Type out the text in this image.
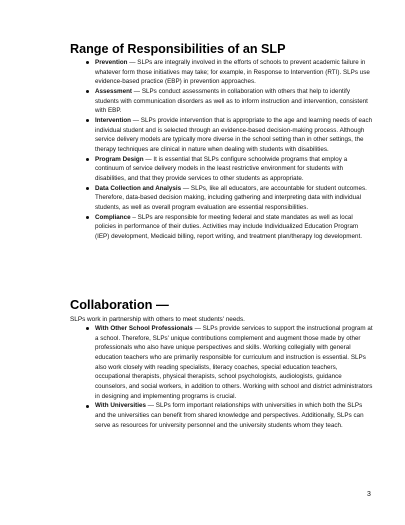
Range of Responsibilities of an SLP
Prevention — SLPs are integrally involved in the efforts of schools to prevent academic failure in whatever form those initiatives may take; for example, in Response to Intervention (RTI). SLPs use evidence-based practice (EBP) in prevention approaches.
Assessment — SLPs conduct assessments in collaboration with others that help to identify students with communication disorders as well as to inform instruction and intervention, consistent with EBP.
Intervention — SLPs provide intervention that is appropriate to the age and learning needs of each individual student and is selected through an evidence-based decision-making process. Although service delivery models are typically more diverse in the school setting than in other settings, the therapy techniques are clinical in nature when dealing with students with disabilities.
Program Design — It is essential that SLPs configure schoolwide programs that employ a continuum of service delivery models in the least restrictive environment for students with disabilities, and that they provide services to other students as appropriate.
Data Collection and Analysis — SLPs, like all educators, are accountable for student outcomes. Therefore, data-based decision making, including gathering and interpreting data with individual students, as well as overall program evaluation are essential responsibilities.
Compliance – SLPs are responsible for meeting federal and state mandates as well as local policies in performance of their duties. Activities may include Individualized Education Program (IEP) development, Medicaid billing, report writing, and treatment plan/therapy log development.
Collaboration —

SLPs work in partnership with others to meet students' needs.

With Other School Professionals — SLPs provide services to support the instructional program at a school. Therefore, SLPs' unique contributions complement and augment those made by other professionals who also have unique perspectives and skills. Working collegially with general education teachers who are primarily responsible for curriculum and instruction is essential. SLPs also work closely with reading specialists, literacy coaches, special education teachers, occupational therapists, physical therapists, school psychologists, audiologists, guidance counselors, and social workers, in addition to others. Working with school and district administrators in designing and implementing programs is crucial.
With Universities — SLPs form important relationships with universities in which both the SLPs and the universities can benefit from shared knowledge and perspectives. Additionally, SLPs can serve as resources for university personnel and the university students whom they teach.
3
